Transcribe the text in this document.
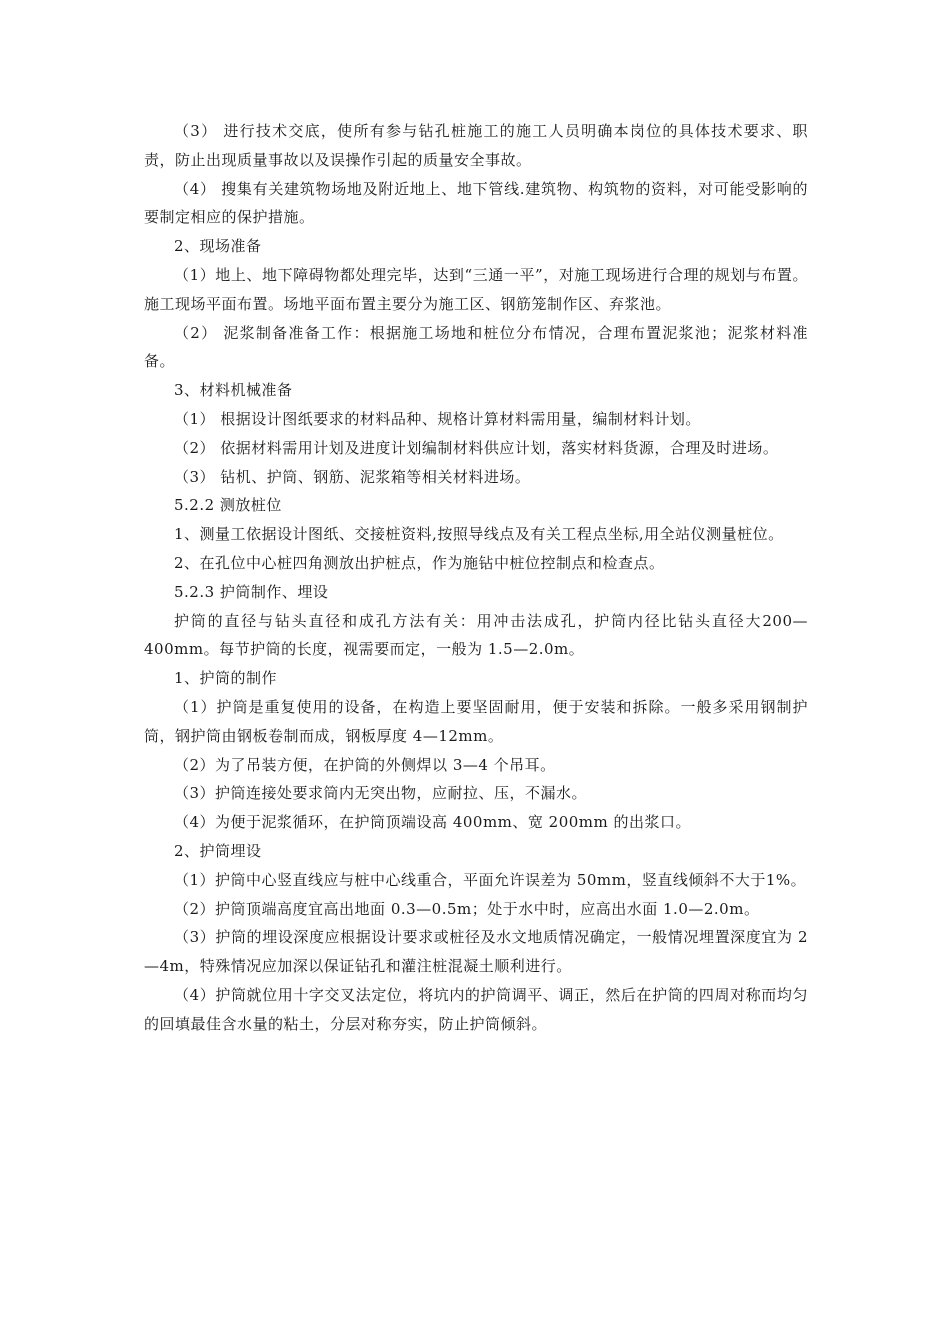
（3） 进行技术交底，使所有参与钻孔桩施工的施工人员明确本岗位的具体技术要求、职责，防止出现质量事故以及误操作引起的质量安全事故。

（4） 搜集有关建筑物场地及附近地上、地下管线.建筑物、构筑物的资料，对可能受影响的要制定相应的保护措施。

2、现场准备

（1）地上、地下障碍物都处理完毕，达到“三通一平”，对施工现场进行合理的规划与布置。施工现场平面布置。场地平面布置主要分为施工区、钢筋笼制作区、弃浆池。

（2） 泥浆制备准备工作：根据施工场地和桩位分布情况，合理布置泥浆池；泥浆材料准备。

3、材料机械准备

（1） 根据设计图纸要求的材料品种、规格计算材料需用量，编制材料计划。

（2） 依据材料需用计划及进度计划编制材料供应计划，落实材料货源，合理及时进场。

（3） 钻机、护筒、钢筋、泥浆箱等相关材料进场。

5.2.2 测放桩位

1、测量工依据设计图纸、交接桩资料,按照导线点及有关工程点坐标,用全站仪测量桩位。

2、在孔位中心桩四角测放出护桩点，作为施钻中桩位控制点和检查点。

5.2.3 护筒制作、埋设

护筒的直径与钻头直径和成孔方法有关：用冲击法成孔，护筒内径比钻头直径大200—400mm。每节护筒的长度，视需要而定，一般为 1.5—2.0m。

1、护筒的制作

（1）护筒是重复使用的设备，在构造上要坚固耐用，便于安装和拆除。一般多采用钢制护筒，钢护筒由钢板卷制而成，钢板厚度 4—12mm。

（2）为了吊装方便，在护筒的外侧焊以 3—4 个吊耳。

（3）护筒连接处要求筒内无突出物，应耐拉、压，不漏水。

（4）为便于泥浆循环，在护筒顶端设高 400mm、宽 200mm 的出浆口。

2、护筒埋设

（1）护筒中心竖直线应与桩中心线重合，平面允许误差为 50mm，竖直线倾斜不大于1%。

（2）护筒顶端高度宜高出地面 0.3—0.5m；处于水中时，应高出水面 1.0—2.0m。

（3）护筒的埋设深度应根据设计要求或桩径及水文地质情况确定，一般情况埋置深度宜为 2—4m，特殊情况应加深以保证钻孔和灌注桩混凝土顺利进行。

（4）护筒就位用十字交叉法定位，将坑内的护筒调平、调正，然后在护筒的四周对称而均匀的回填最佳含水量的粘土，分层对称夯实，防止护筒倾斜。
